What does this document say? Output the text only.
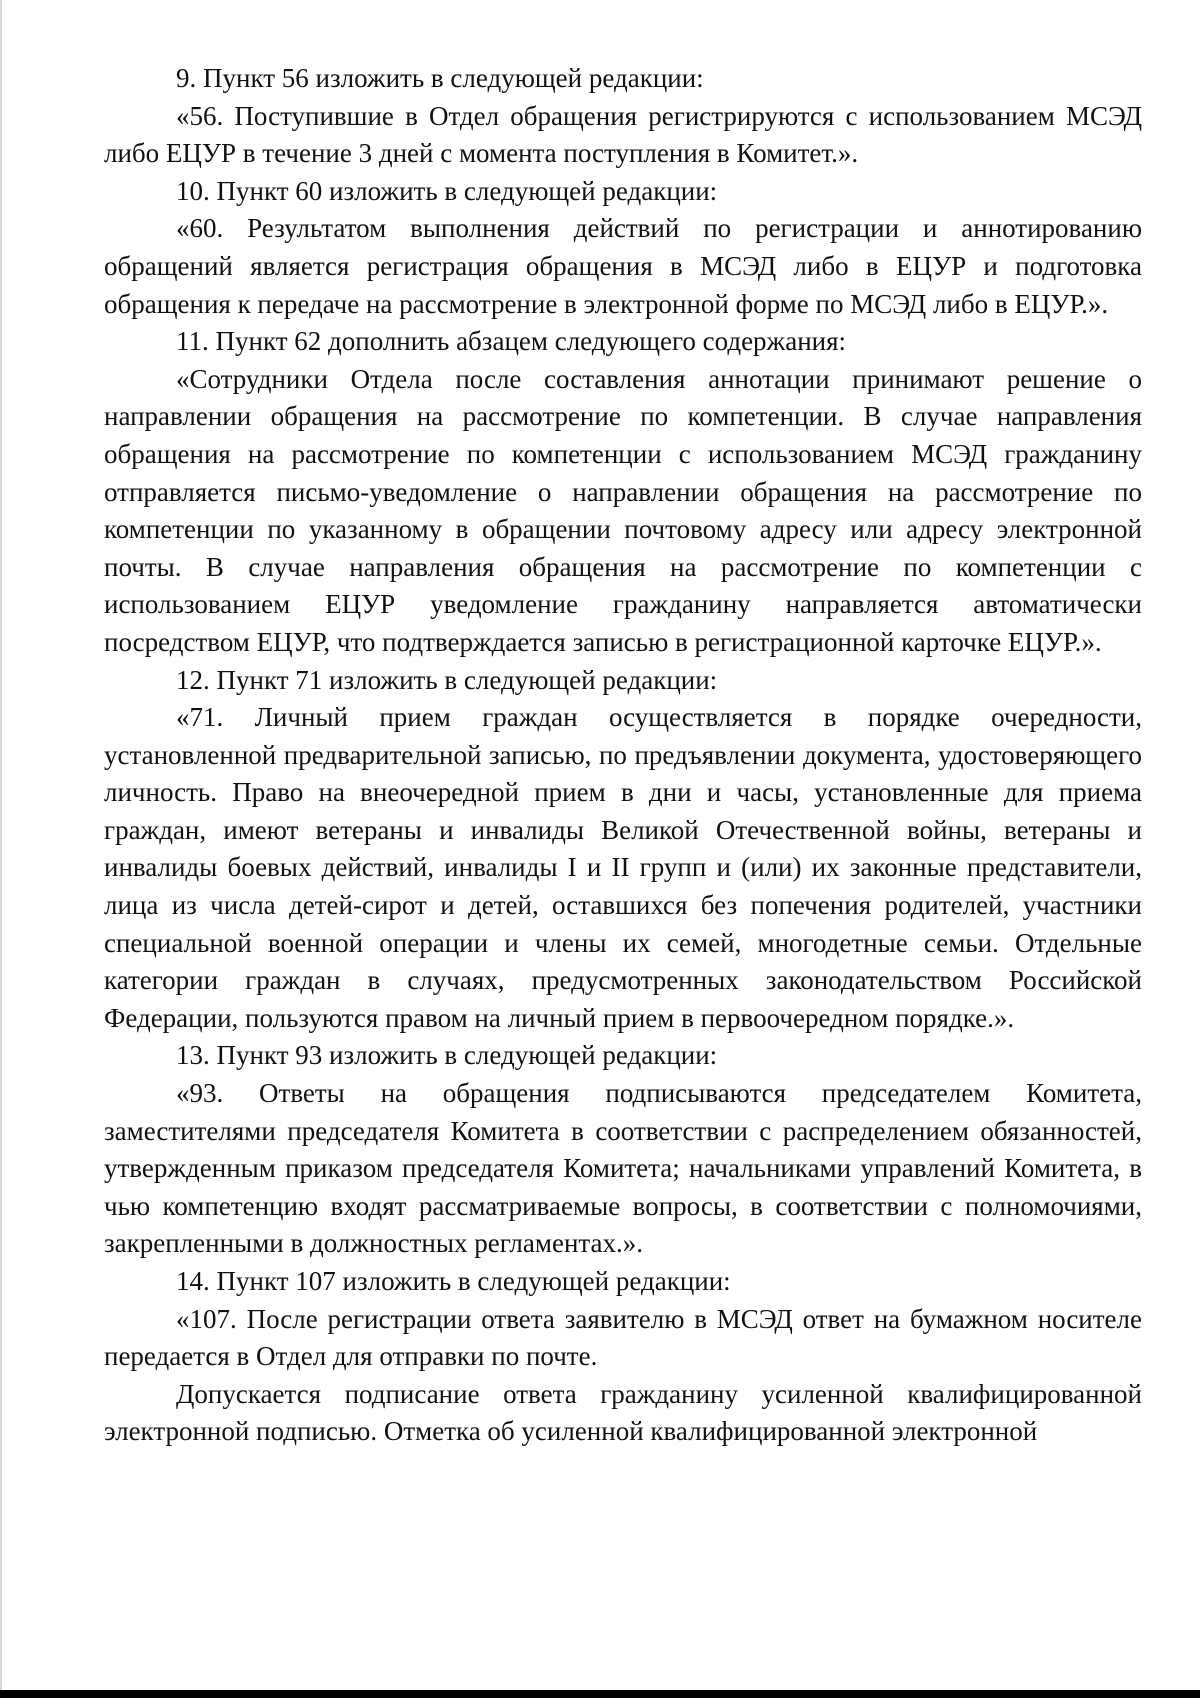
9. Пункт 56 изложить в следующей редакции:

«56. Поступившие в Отдел обращения регистрируются с использованием МСЭД либо ЕЦУР в течение 3 дней с момента поступления в Комитет.».

10. Пункт 60 изложить в следующей редакции:

«60. Результатом выполнения действий по регистрации и аннотированию обращений является регистрация обращения в МСЭД либо в ЕЦУР и подготовка обращения к передаче на рассмотрение в электронной форме по МСЭД либо в ЕЦУР.».

11. Пункт 62 дополнить абзацем следующего содержания:

«Сотрудники Отдела после составления аннотации принимают решение о направлении обращения на рассмотрение по компетенции. В случае направления обращения на рассмотрение по компетенции с использованием МСЭД гражданину отправляется письмо-уведомление о направлении обращения на рассмотрение по компетенции по указанному в обращении почтовому адресу или адресу электронной почты. В случае направления обращения на рассмотрение по компетенции с использованием ЕЦУР уведомление гражданину направляется автоматически посредством ЕЦУР, что подтверждается записью в регистрационной карточке ЕЦУР.».

12. Пункт 71 изложить в следующей редакции:

«71. Личный прием граждан осуществляется в порядке очередности, установленной предварительной записью, по предъявлении документа, удостоверяющего личность. Право на внеочередной прием в дни и часы, установленные для приема граждан, имеют ветераны и инвалиды Великой Отечественной войны, ветераны и инвалиды боевых действий, инвалиды I и II групп и (или) их законные представители, лица из числа детей-сирот и детей, оставшихся без попечения родителей, участники специальной военной операции и члены их семей, многодетные семьи. Отдельные категории граждан в случаях, предусмотренных законодательством Российской Федерации, пользуются правом на личный прием в первоочередном порядке.».

13. Пункт 93 изложить в следующей редакции:

«93. Ответы на обращения подписываются председателем Комитета, заместителями председателя Комитета в соответствии с распределением обязанностей, утвержденным приказом председателя Комитета; начальниками управлений Комитета, в чью компетенцию входят рассматриваемые вопросы, в соответствии с полномочиями, закрепленными в должностных регламентах.».

14. Пункт 107 изложить в следующей редакции:

«107. После регистрации ответа заявителю в МСЭД ответ на бумажном носителе передается в Отдел для отправки по почте.

Допускается подписание ответа гражданину усиленной квалифицированной электронной подписью. Отметка об усиленной квалифицированной электронной
